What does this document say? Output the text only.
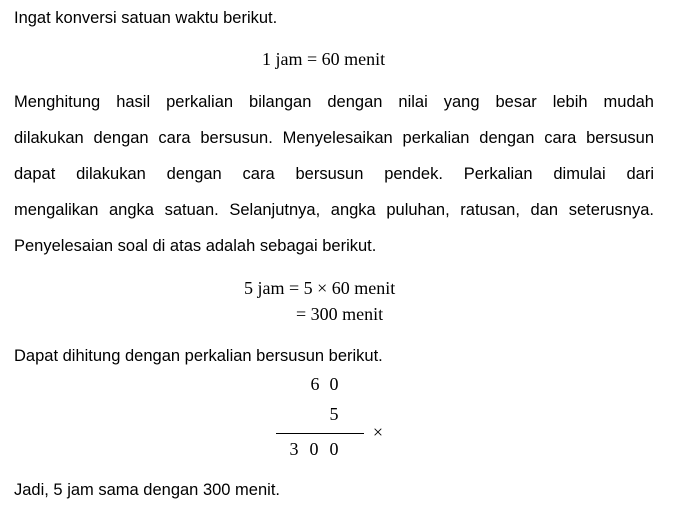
Ingat konversi satuan waktu berikut.
1 jam = 60 menit
Menghitung hasil perkalian bilangan dengan nilai yang besar lebih mudah
dilakukan dengan cara bersusun. Menyelesaikan perkalian dengan cara bersusun
dapat dilakukan dengan cara bersusun pendek. Perkalian dimulai dari
mengalikan angka satuan. Selanjutnya, angka puluhan, ratusan, dan seterusnya.
Penyelesaian soal di atas adalah sebagai berikut.
5 jam = 5 × 60 menit
= 300 menit
Dapat dihitung dengan perkalian bersusun berikut.
6 0
5
×
3 0 0
Jadi, 5 jam sama dengan 300 menit.
